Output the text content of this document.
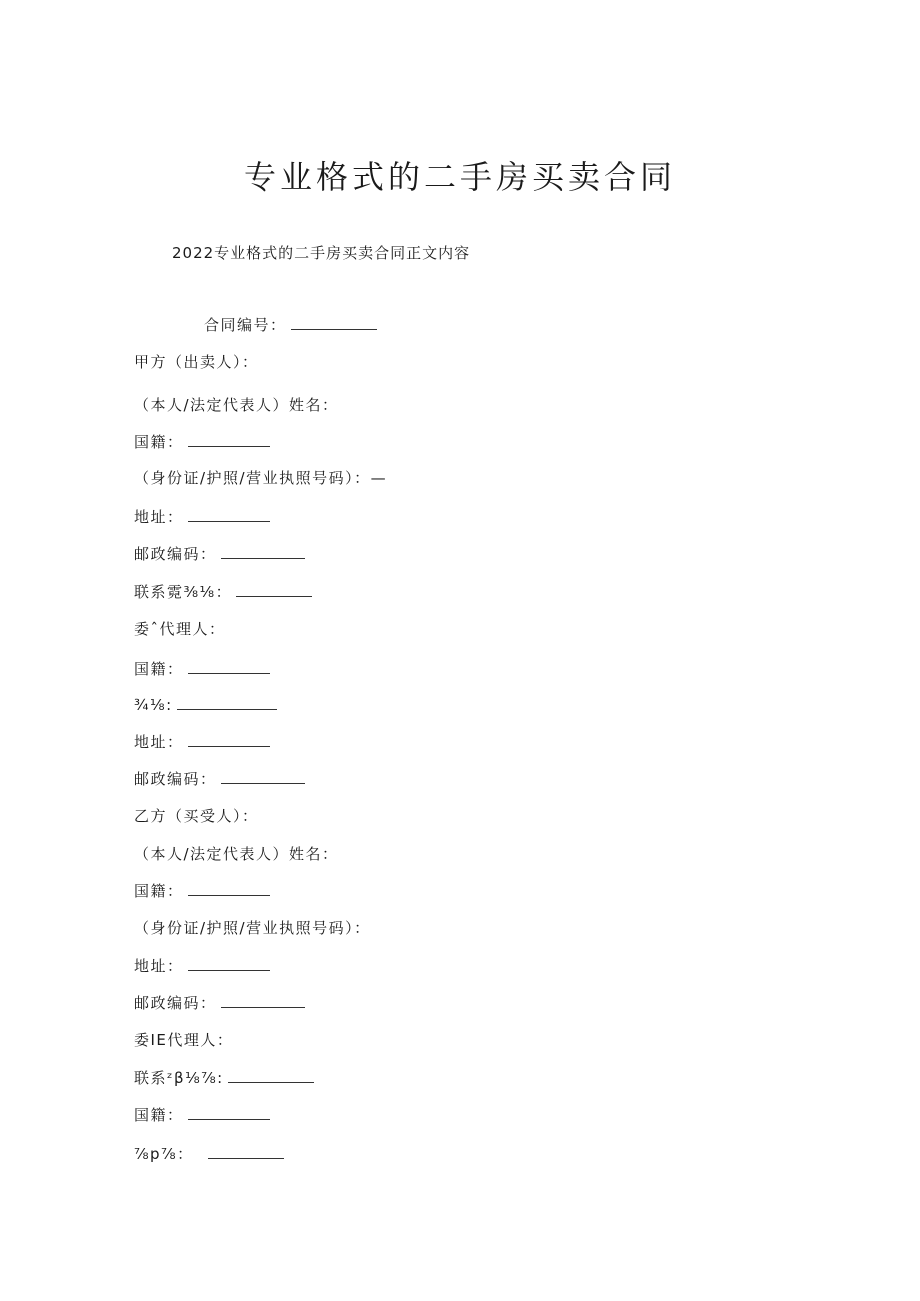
专业格式的二手房买卖合同
2022专业格式的二手房买卖合同正文内容
合同编号：
甲方（出卖人）：
（本人/法定代表人）姓名：
国籍：
（身份证/护照/营业执照号码）：—
地址：
邮政编码：
联系霓⅜⅛：
委ˆ代理人：
国籍：
¾⅛:
地址：
邮政编码：
乙方（买受人）：
（本人/法定代表人）姓名：
国籍：
（身份证/护照/营业执照号码）：
地址：
邮政编码：
委IE代理人：
联系ᶻβ⅛⅞:
国籍：
⅞p⅞：
